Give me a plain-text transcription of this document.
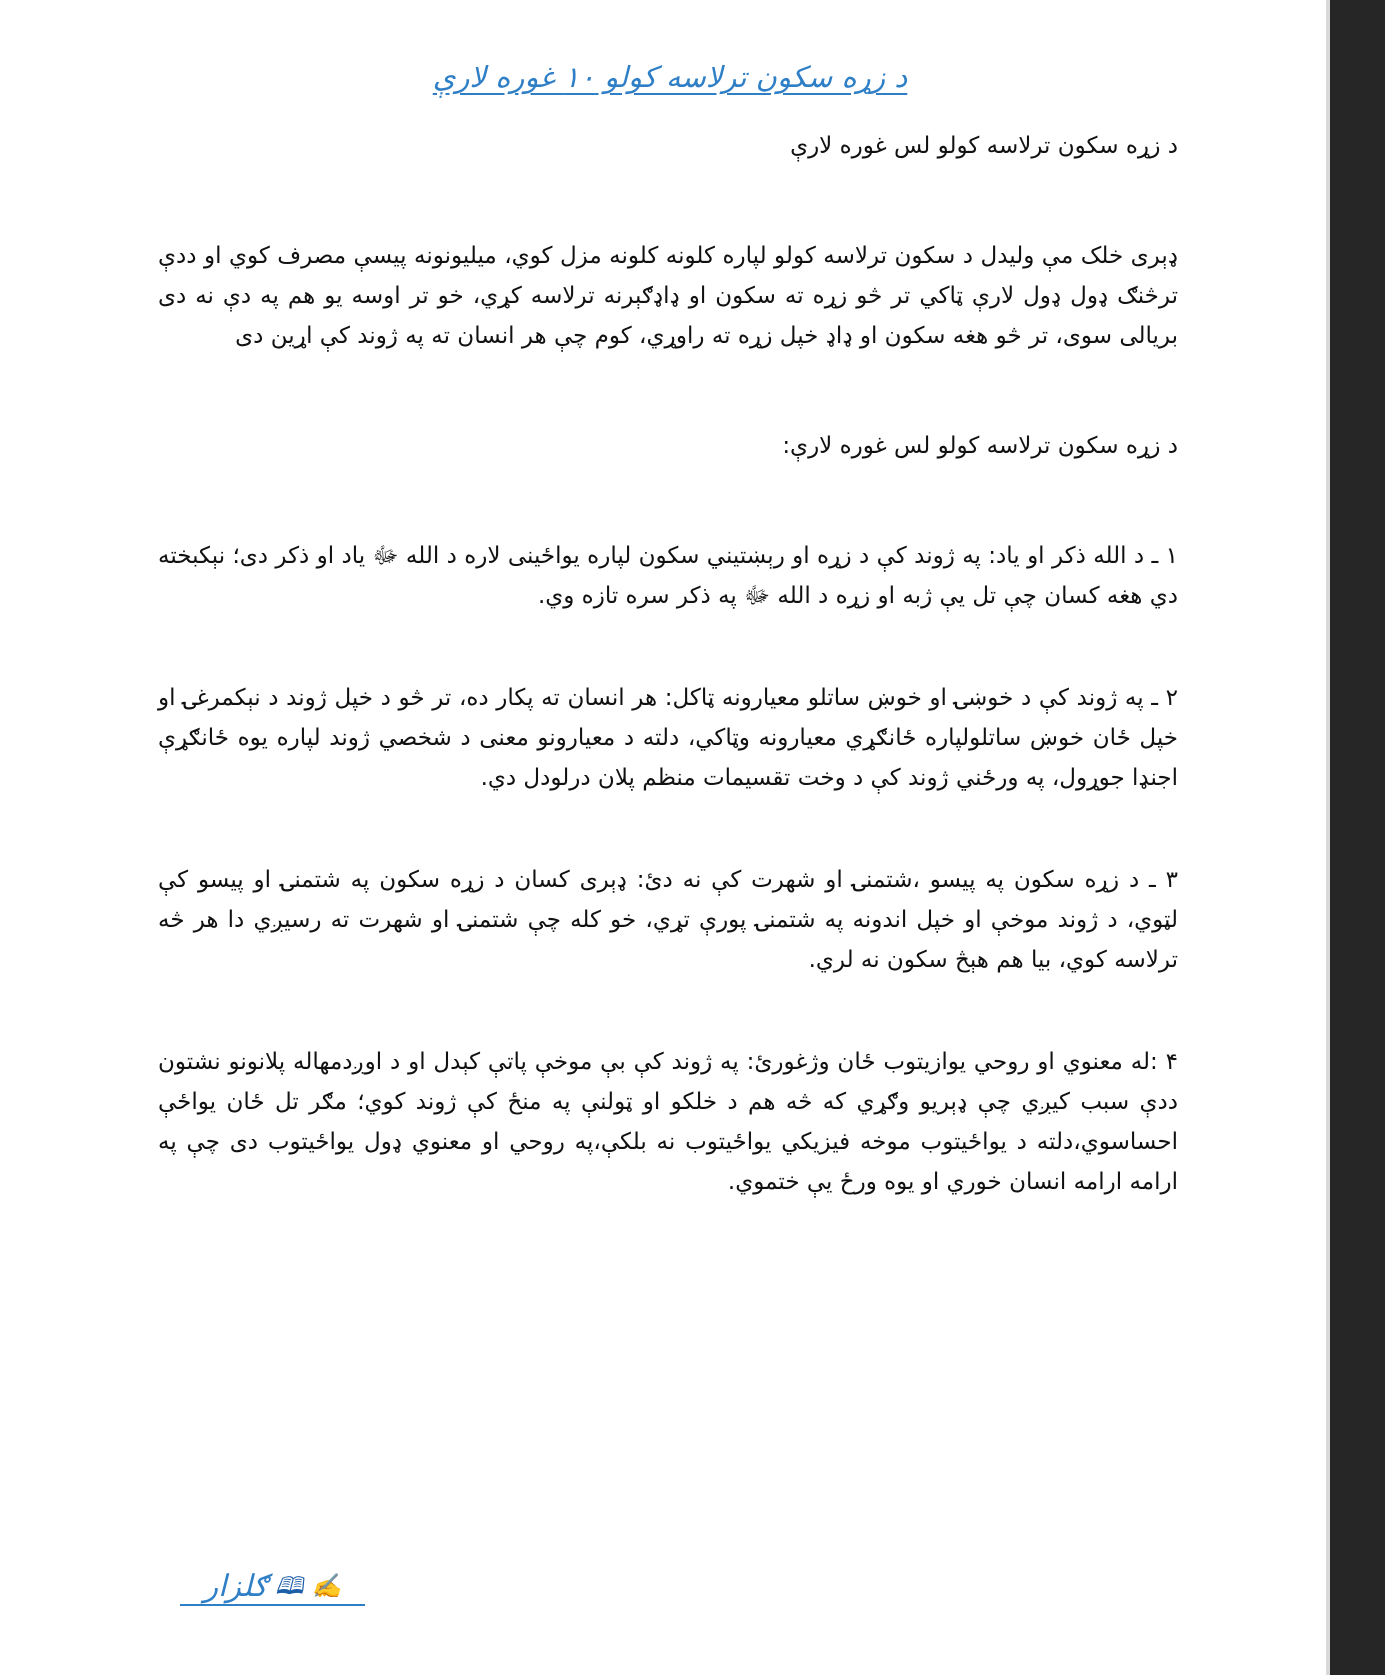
د زړه سکون ترلاسه کولو ۱۰ غوره لارې

د زړه سکون ترلاسه کولو لس غوره لارې

ډېرى خلک مې ولیدل د سکون ترلاسه کولو لپاره کلونه کلونه مزل کوي، میلیونونه پیسې مصرف کوي او ددې ترڅنګ ډول ډول لارې ټاکي تر څو زړه ته سکون او ډاډګېرنه ترلاسه کړي، خو تر اوسه یو هم په دې نه دی بریالی سوی، تر څو هغه سکون او ډاډ خپل زړه ته راوړي، کوم چې هر انسان ته په ژوند کې اړین دی

د زړه سکون ترلاسه کولو لس غوره لارې:

١ ـ د الله ذکر او یاد: په ژوند کې د زړه او رېښتیني سکون لپاره یواځینی لاره د الله ﷻ یاد او ذکر دی؛ نېکبخته دي هغه کسان چې تل یې ژبه او زړه د الله ﷻ په ذکر سره تازه وي.

٢ ـ په ژوند کې د خوښۍ او خوښ ساتلو معیارونه ټاکل: هر انسان ته پکار ده، تر څو د خپل ژوند د نېکمرغۍ او خپل ځان خوښ ساتلولپاره ځانګړي معیارونه وټاکي، دلته د معیارونو معنی د شخصي ژوند لپاره یوه ځانګړې اجنډا جوړول، په ورځني ژوند کې د وخت تقسیمات منظم پلان درلودل دي.

٣ ـ د زړه سکون په پیسو ،شتمنۍ او شهرت کې نه دئ: ډېرى کسان د زړه سکون په شتمنۍ او پیسو کې لټوي، د ژوند موخې او خپل اندونه په شتمنۍ پورې تړي، خو کله چې شتمنۍ او شهرت ته رسیږي دا هر څه ترلاسه کوي، بیا هم هېڅ سکون نه لري.

۴ :له معنوي او روحي یوازیتوب ځان وژغورئ: په ژوند کې بې موخې پاتې کېدل او د اوږدمهاله پلانونو نشتون ددې سبب کیږي چې ډېریو وګړي که څه هم د خلکو او ټولنې په منځ کې ژوند کوي؛ مګر تل ځان یواځې احساسوي،دلته د یواځیتوب موخه فیزیکي یواځیتوب نه بلکې،په روحي او معنوي ډول یواځیتوب دی چې په ارامه ارامه انسان خوري او یوه ورځ یې ختموي.

✍
🕮
ګلزار
